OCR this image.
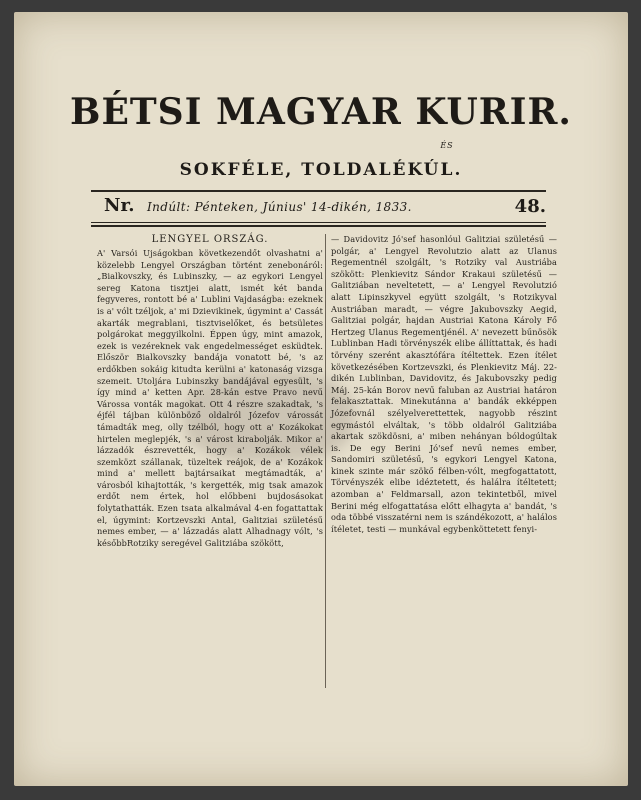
BÉTSI MAGYAR KURIR.
ÉS
SOKFÉLE, TOLDALÉKÚL.
Nr. Indúlt: Pénteken, Június' 14-dikén, 1833.	48.
LENGYEL ORSZÁG.

A' Varsói Ujságokban következendőt olvashatni a' közelebb Lengyel Országban történt zenebonáról: „Bialkovszky, és Lubinszky, — az egykori Lengyel sereg Katona tisztjei alatt, ismét két banda fegyveres, rontott bé a' Lublini Vajdaságba: ezeknek is a' vólt tzéljok, a' mi Dzievikinek, úgymint a' Cassát akarták megrablani, tisztviselőket, és betsületes polgárokat meggyilkolni. Éppen úgy, mint amazok, ezek is vezéreknek vak engedelmességet esküdtek. Először Bialkovszky bandája vonatott bé, 's az erdőkben sokáig kitudta kerülni a' katonaság vizsga szemeit. Utoljára Lubinszky bandájával egyesült, 's így mind a' ketten Apr. 28-kán estve Pravo nevű Várossa vonták magokat. Ott 4 részre szakadtak, 's éjfél tájban különböző oldalról Józefov várossát támadták meg, olly tzélból, hogy ott a' Kozákokat hirtelen meglepjék, 's a' várost kirabolják. Mikor a' lázzadók észrevették, hogy a' Kozákok vélek szemközt szállanak, tüzeltek reájok, de a' Kozákok mind a' mellett bajtársaikat megtámadták, a' városból kihajtották, 's kergették, mig tsak amazok erdőt nem értek, hol előbbeni bujdosásokat folytathatták. Ezen tsata alkalmával 4-en fogattattak el, úgymint: Kortzevszki Antal, Galitziai születésű nemes ember, — a' lázzadás alatt Alhadnagy vólt, 's későbbRotziky seregével Galitziába szökött,

— Davidovitz Jó'sef hasonlóul Galitziai születésű — polgár, a' Lengyel Revolutzio alatt az Ulanus Regementnél szolgált, 's Rotziky val Austriába szökött: Plenkievitz Sándor Krakaui születésű — Galitziában neveltetett, — a' Lengyel Revolutzió alatt Lipinszkyvel együtt szolgált, 's Rotzikyval Austriában maradt, — végre Jakubovszky Aegid, Galitziai polgár, hajdan Austriai Katona Károly Fő Hertzeg Ulanus Regementjénél. A' nevezett bűnösök Lublinban Hadi törvényszék elibe állíttattak, és hadi törvény szerént akasztófára ítéltettek. Ezen ítélet következésében Kortzevszki, és Plenkievitz Máj. 22-dikén Lublinban, Davidovitz, és Jakubovszky pedig Máj. 25-kán Borov nevű faluban az Austriai határon felakasztattak. Minekutánna a' bandák ekképpen Józefovnál szélyelverettettek, nagyobb részint egymástól elváltak, 's több oldalról Galitziába akartak szökdösni, a' miben nehányan bóldogúltak is. De egy Berini Jó'sef nevű nemes ember, Sandomiri születésű, 's egykori Lengyel Katona, kinek szinte már szökő félben-vólt, megfogattatott, Törvényszék elibe idéztetett, és halálra ítéltetett; azomban a' Feldmarsall, azon tekintetből, mivel Berini még elfogattatása előtt elhagyta a' bandát, 's oda többé visszatérni nem is szándékozott, a' halálos ítéletet, testi — munkával egybenköttetett fenyi-
